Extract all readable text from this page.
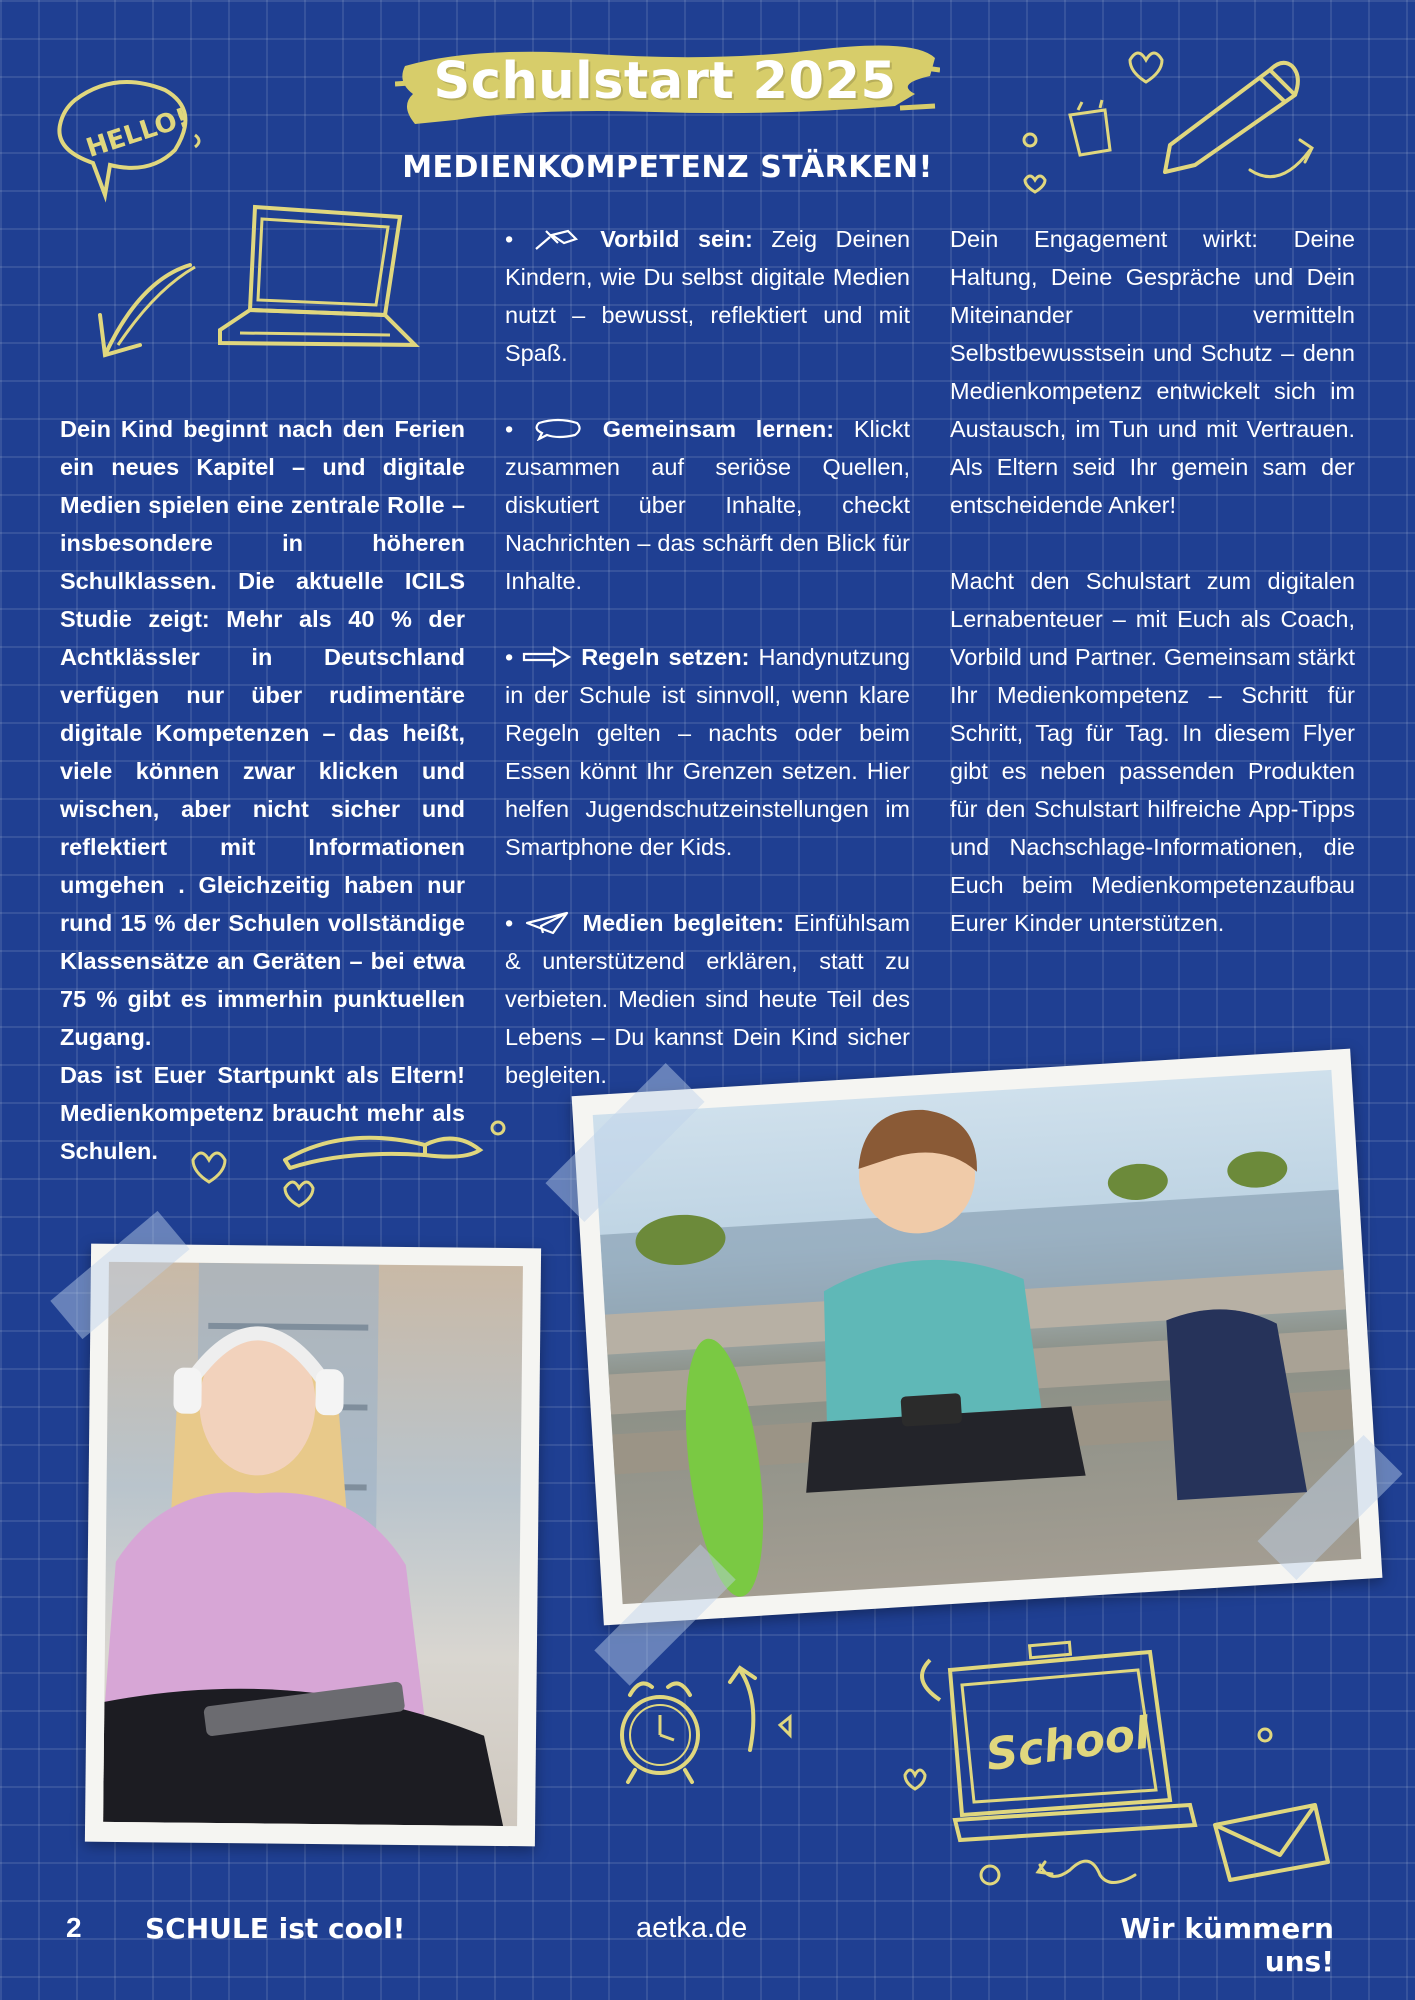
Schulstart 2025
MEDIENKOMPETENZ STÄRKEN!
HELLO!

Dein Kind beginnt nach den Ferien ein neues Kapitel – und digitale Medien spielen eine zentrale Rolle – insbesondere in höheren Schulklassen. Die aktuelle ICILS Studie zeigt: Mehr als 40 % der Achtklässler in Deutschland verfügen nur über rudimentäre digitale Kompetenzen – das heißt, viele können zwar klicken und wischen, aber nicht sicher und reflektiert mit Informationen umgehen . Gleichzeitig haben nur rund 15 % der Schulen vollständige Klassensätze an Geräten – bei etwa 75 % gibt es immerhin punktuellen Zugang.

Das ist Euer Startpunkt als Eltern! Medienkompetenz braucht mehr als Schulen.

•	Vorbild sein: Zeig Deinen Kindern, wie Du selbst digitale Medien nutzt – bewusst, reflektiert und mit Spaß.
•	Gemeinsam lernen: Klickt zusammen auf seriöse Quellen, diskutiert über Inhalte, checkt Nachrichten – das schärft den Blick für Inhalte.
•	Regeln setzen: Handynutzung in der Schule ist sinnvoll, wenn klare Regeln gelten – nachts oder beim Essen könnt Ihr Grenzen setzen. Hier helfen Jugendschutzeinstellungen im Smartphone der Kids.
•	Medien begleiten: Einfühlsam & unterstützend erklären, statt zu verbieten. Medien sind heute Teil des Lebens – Du kannst Dein Kind sicher begleiten.

Dein Engagement wirkt: Deine Haltung, Deine Gespräche und Dein Miteinander vermitteln Selbstbewusstsein und Schutz – denn Medienkompetenz entwickelt sich im Austausch, im Tun und mit Vertrauen. Als Eltern seid Ihr gemein sam der entscheidende Anker!

Macht den Schulstart zum digitalen Lernabenteuer – mit Euch als Coach, Vorbild und Partner. Gemeinsam stärkt Ihr Medienkompetenz – Schritt für Schritt, Tag für Tag. In diesem Flyer gibt es neben passenden Produkten für den Schulstart hilfreiche App-Tipps und Nachschlage-Informationen, die Euch beim Medienkompetenzaufbau Eurer Kinder unterstützen.

School
2 SCHULE ist cool!	aetka.de	Wir kümmern uns!
